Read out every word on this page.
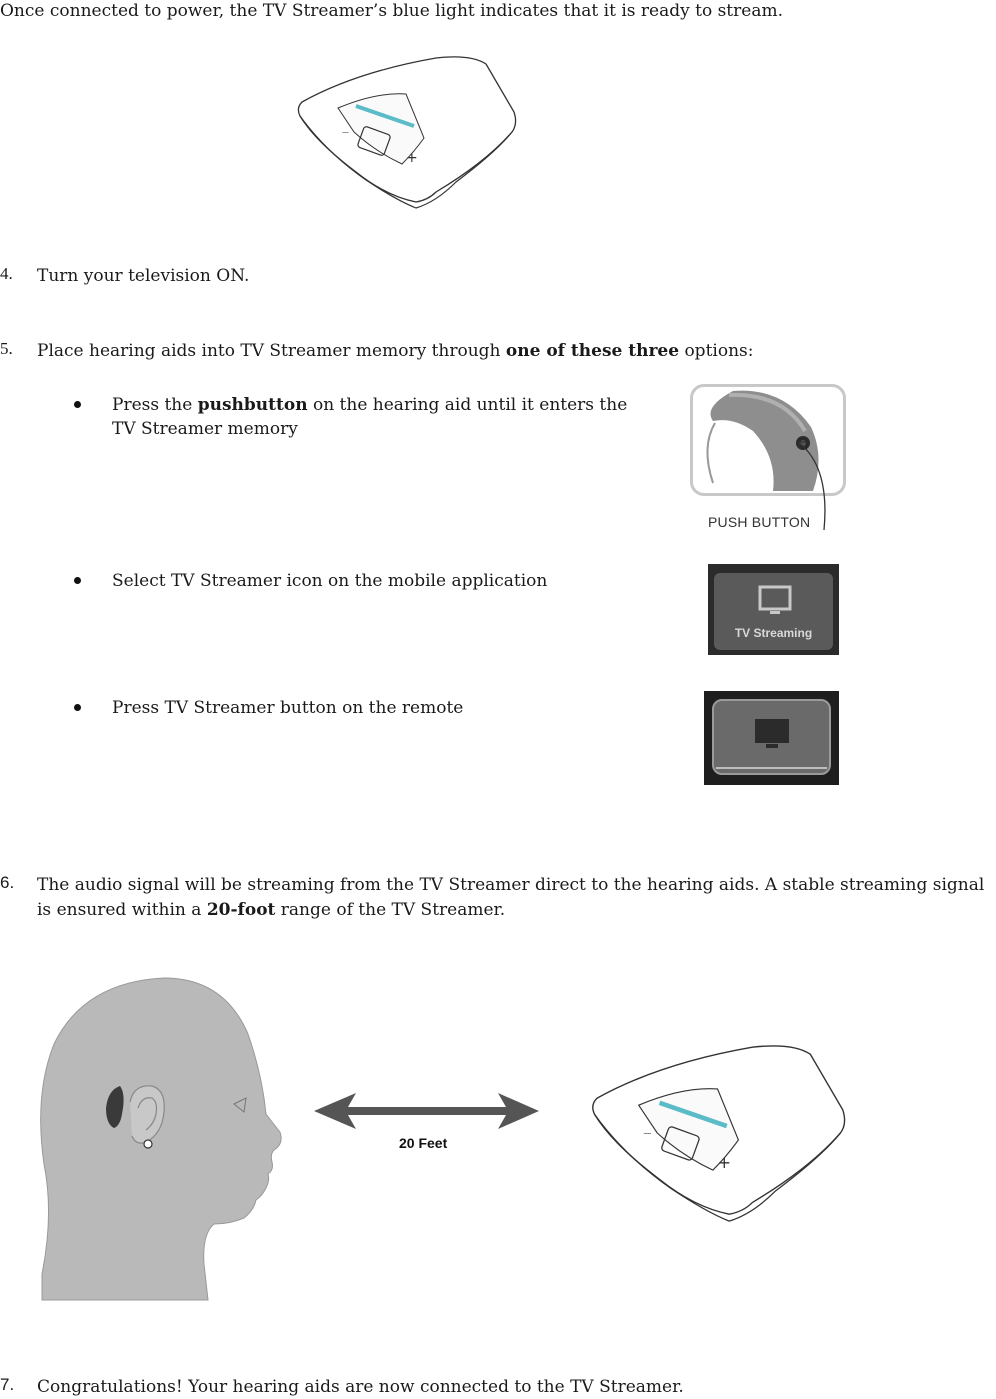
Once connected to power, the TV Streamer’s blue light indicates that it is ready to stream.
+
—
4. Turn your television ON.
5. Place hearing aids into TV Streamer memory through one of these three options:
Press the pushbutton on the hearing aid until it enters the
TV Streamer memory
PUSH BUTTON
Select TV Streamer icon on the mobile application
TV Streaming
Press TV Streamer button on the remote
6. The audio signal will be streaming from the TV Streamer direct to the hearing aids. A stable streaming signal
is ensured within a 20-foot range of the TV Streamer.
20 Feet
+
—
7. Congratulations! Your hearing aids are now connected to the TV Streamer.
